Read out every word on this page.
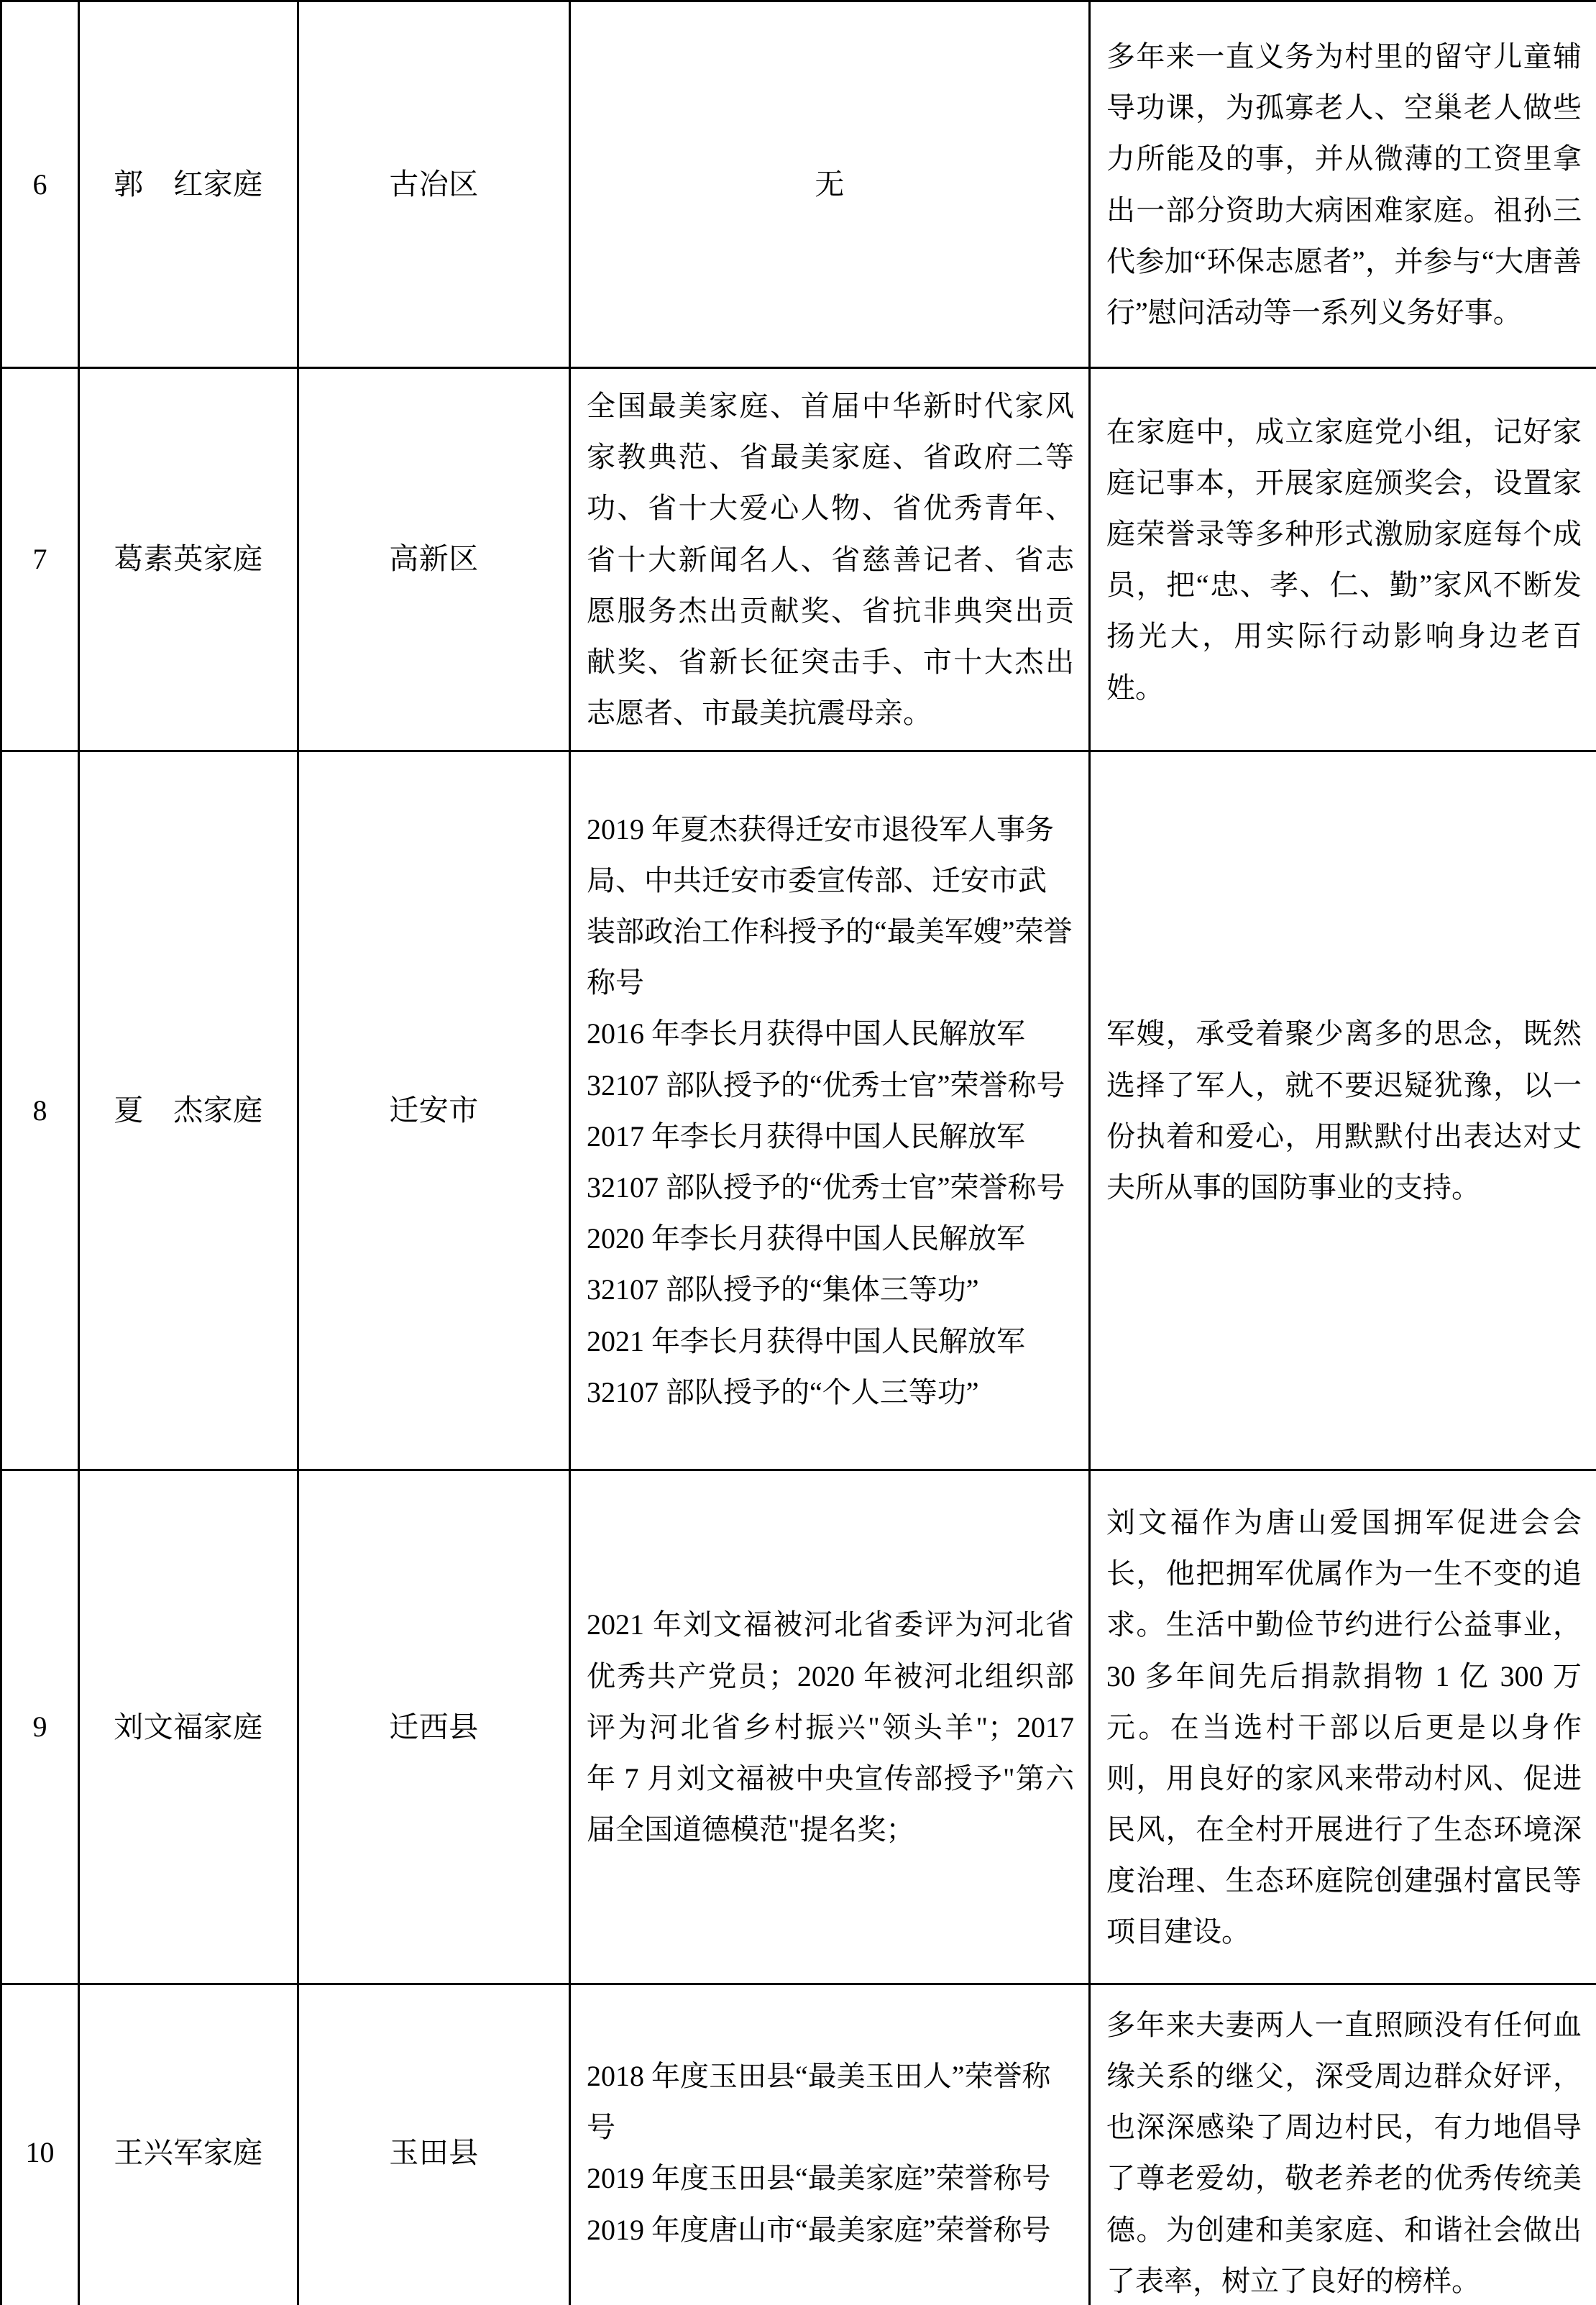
6	郭　红家庭	古冶区	无	多年来一直义务为村里的留守儿童辅导功课，为孤寡老人、空巢老人做些力所能及的事，并从微薄的工资里拿出一部分资助大病困难家庭。祖孙三代参加“环保志愿者”，并参与“大唐善行”慰问活动等一系列义务好事。

7	葛素英家庭	高新区	全国最美家庭、首届中华新时代家风家教典范、省最美家庭、省政府二等功、省十大爱心人物、省优秀青年、省十大新闻名人、省慈善记者、省志愿服务杰出贡献奖、省抗非典突出贡献奖、省新长征突击手、市十大杰出志愿者、市最美抗震母亲。	在家庭中，成立家庭党小组，记好家庭记事本，开展家庭颁奖会，设置家庭荣誉录等多种形式激励家庭每个成员，把“忠、孝、仁、勤”家风不断发扬光大，用实际行动影响身边老百姓。

8	夏　杰家庭	迁安市	2019 年夏杰获得迁安市退役军人事务局、中共迁安市委宣传部、迁安市武装部政治工作科授予的“最美军嫂”荣誉称号

2016 年李长月获得中国人民解放军 32107 部队授予的“优秀士官”荣誉称号

2017 年李长月获得中国人民解放军 32107 部队授予的“优秀士官”荣誉称号

2020 年李长月获得中国人民解放军 32107 部队授予的“集体三等功”

2021 年李长月获得中国人民解放军 32107 部队授予的“个人三等功”	军嫂，承受着聚少离多的思念，既然选择了军人，就不要迟疑犹豫，以一份执着和爱心，用默默付出表达对丈夫所从事的国防事业的支持。

9	刘文福家庭	迁西县	2021 年刘文福被河北省委评为河北省优秀共产党员；2020 年被河北组织部评为河北省乡村振兴"领头羊"；2017 年 7 月刘文福被中央宣传部授予"第六届全国道德模范"提名奖；	刘文福作为唐山爱国拥军促进会会长，他把拥军优属作为一生不变的追求。生活中勤俭节约进行公益事业，30 多年间先后捐款捐物 1 亿 300 万元。在当选村干部以后更是以身作则，用良好的家风来带动村风、促进民风，在全村开展进行了生态环境深度治理、生态环庭院创建强村富民等项目建设。

10	王兴军家庭	玉田县	2018 年度玉田县“最美玉田人”荣誉称号

2019 年度玉田县“最美家庭”荣誉称号

2019 年度唐山市“最美家庭”荣誉称号	多年来夫妻两人一直照顾没有任何血缘关系的继父，深受周边群众好评，也深深感染了周边村民，有力地倡导了尊老爱幼，敬老养老的优秀传统美德。为创建和美家庭、和谐社会做出了表率，树立了良好的榜样。
